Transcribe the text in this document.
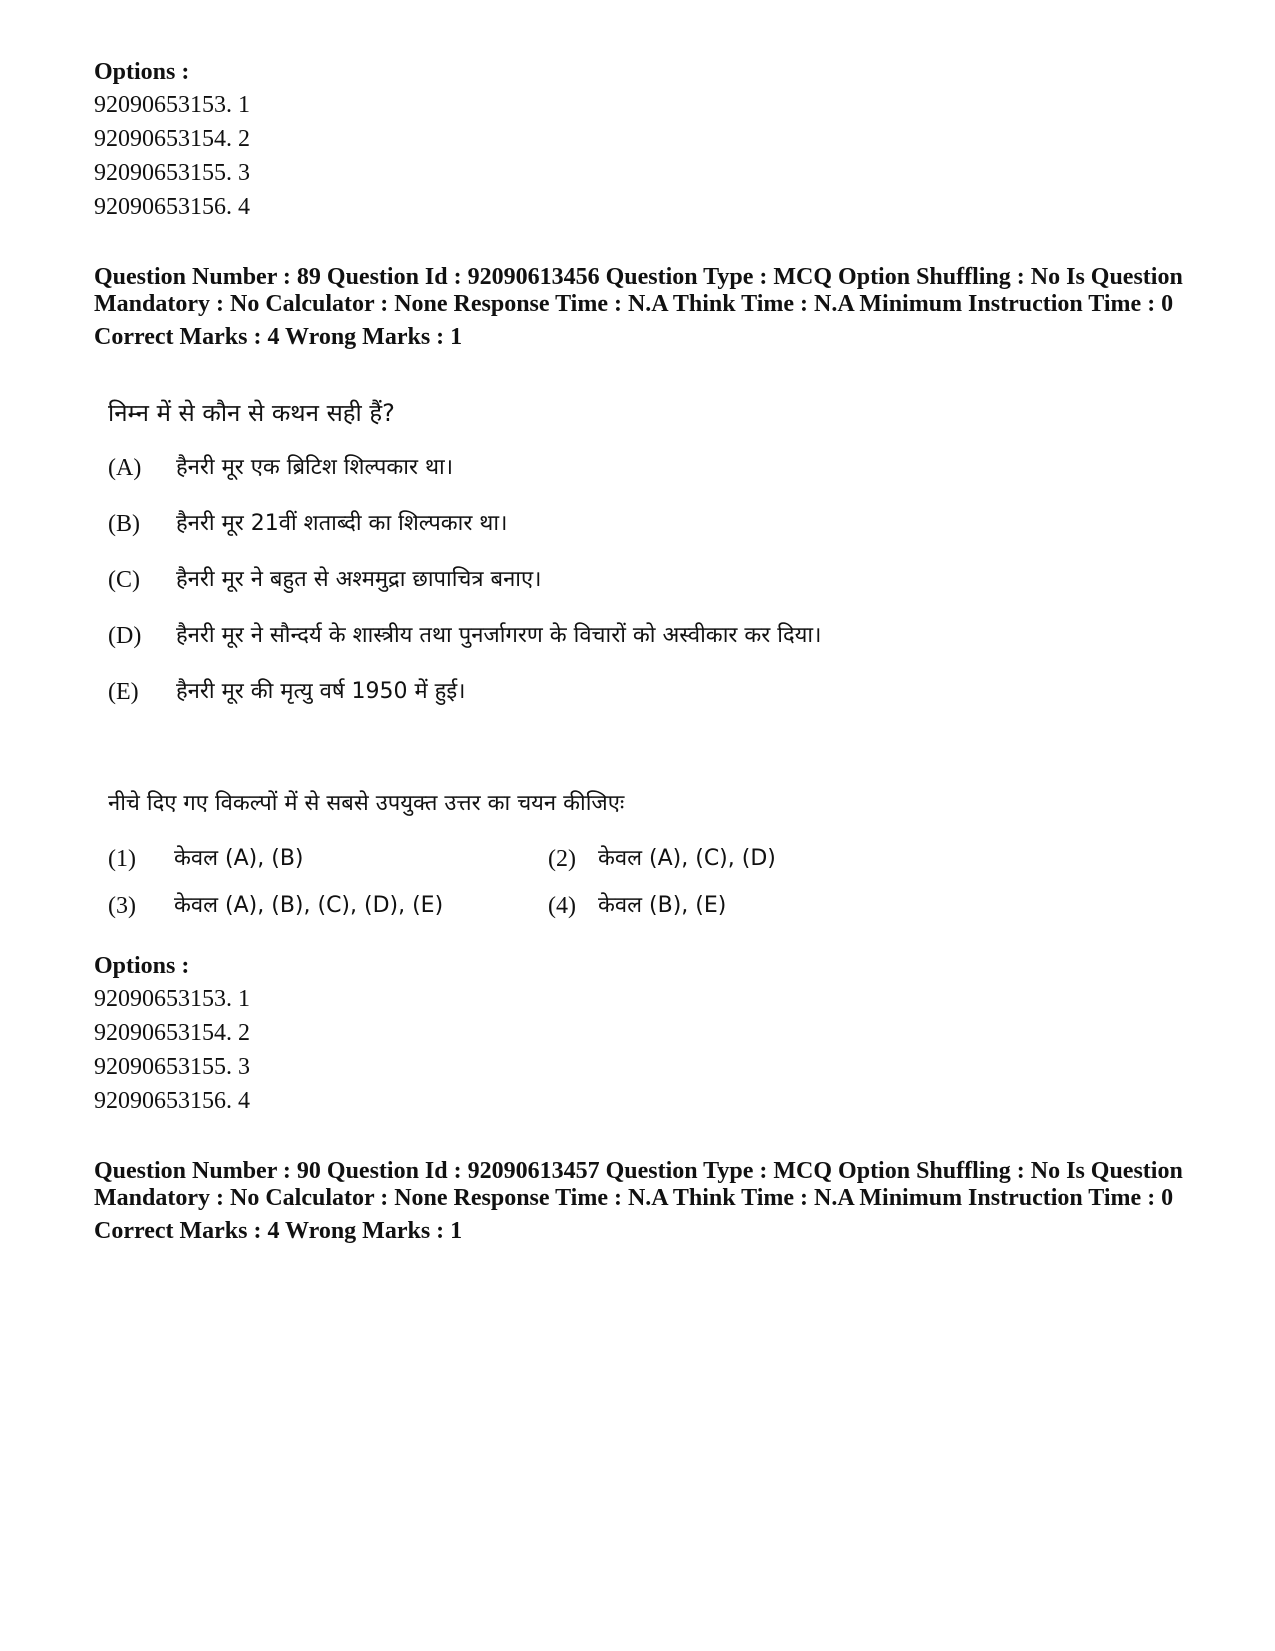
Options :
92090653153. 1
92090653154. 2
92090653155. 3
92090653156. 4
Question Number : 89 Question Id : 92090613456 Question Type : MCQ Option Shuffling : No Is Question Mandatory : No Calculator : None Response Time : N.A Think Time : N.A Minimum Instruction Time : 0
Correct Marks : 4 Wrong Marks : 1
निम्न में से कौन से कथन सही हैं?
(A)	हैनरी मूर एक ब्रिटिश शिल्पकार था।
(B)	हैनरी मूर 21वीं शताब्दी का शिल्पकार था।
(C)	हैनरी मूर ने बहुत से अश्ममुद्रा छापाचित्र बनाए।
(D)	हैनरी मूर ने सौन्दर्य के शास्त्रीय तथा पुनर्जागरण के विचारों को अस्वीकार कर दिया।
(E)	हैनरी मूर की मृत्यु वर्ष 1950 में हुई।
नीचे दिए गए विकल्पों में से सबसे उपयुक्त उत्तर का चयन कीजिएः
(1) केवल (A), (B)	(2) केवल (A), (C), (D)
(3) केवल (A), (B), (C), (D), (E)	(4) केवल (B), (E)
Options :
92090653153. 1
92090653154. 2
92090653155. 3
92090653156. 4
Question Number : 90 Question Id : 92090613457 Question Type : MCQ Option Shuffling : No Is Question Mandatory : No Calculator : None Response Time : N.A Think Time : N.A Minimum Instruction Time : 0
Correct Marks : 4 Wrong Marks : 1
